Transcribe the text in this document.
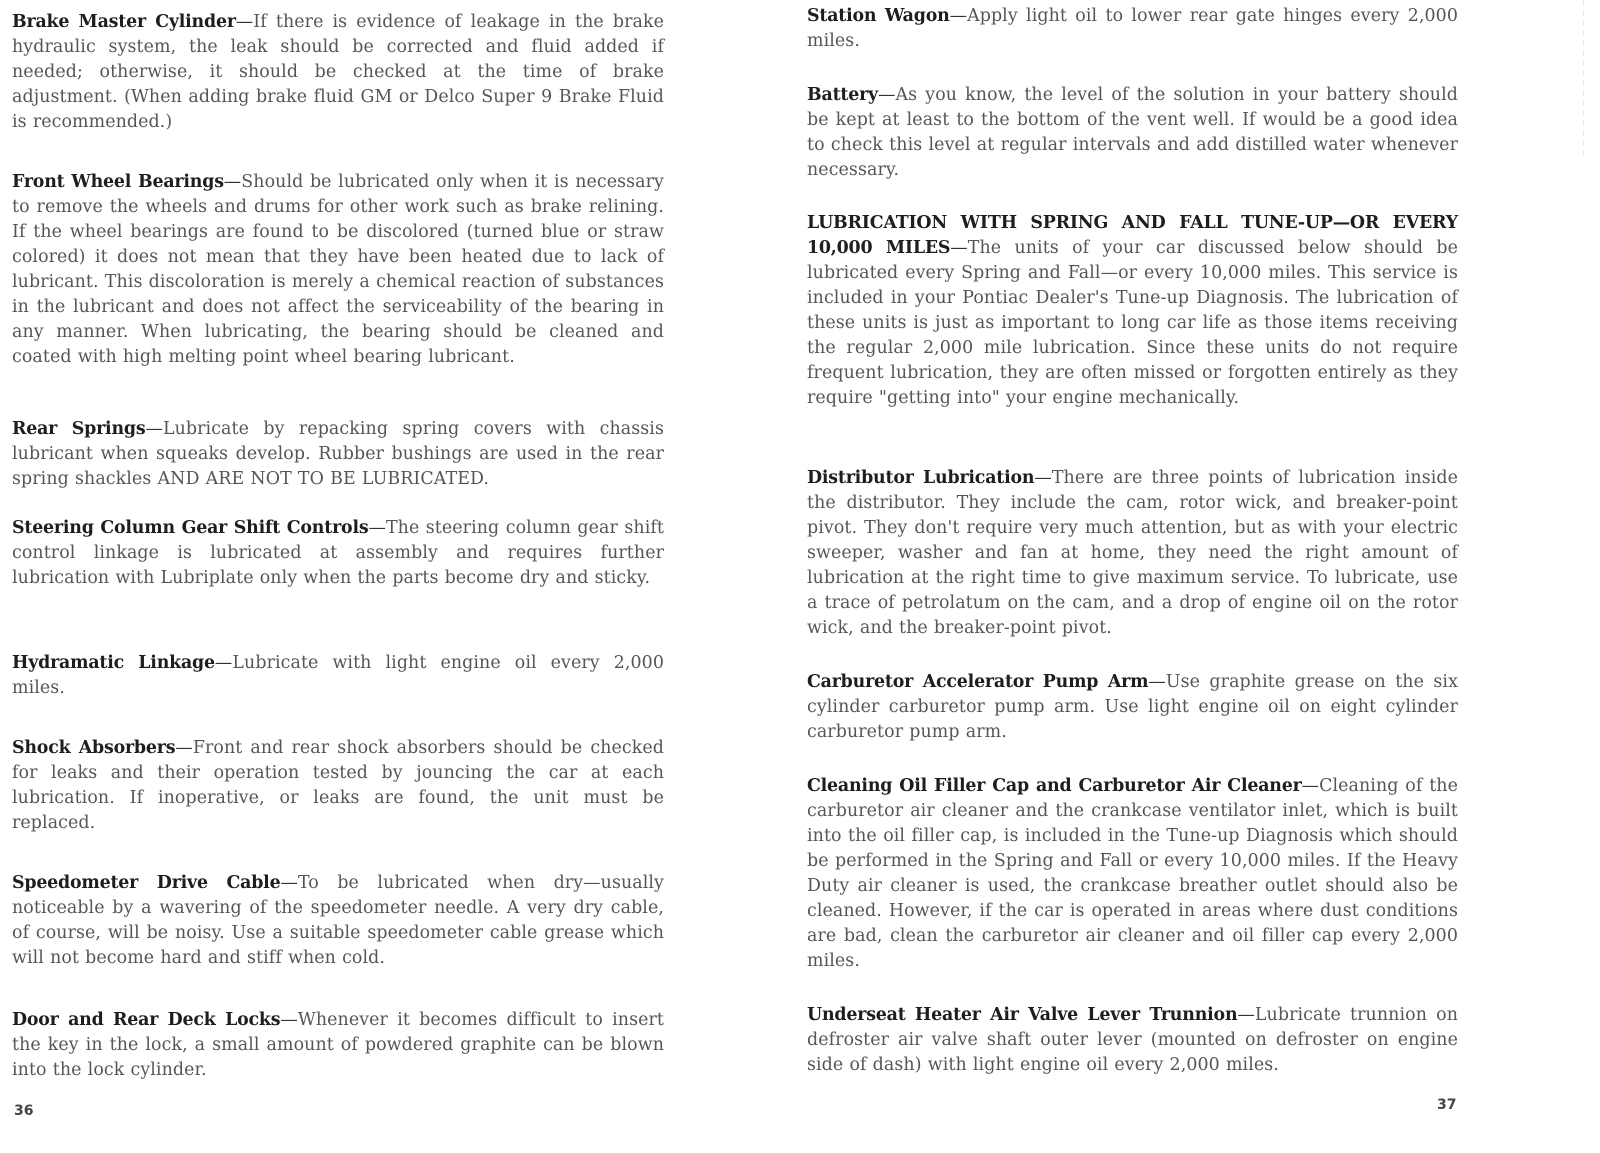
Brake Master Cylinder—If there is evidence of leakage in the brake hydraulic system, the leak should be corrected and fluid added if needed; otherwise, it should be checked at the time of brake adjustment. (When adding brake fluid GM or Delco Super 9 Brake Fluid is recommended.)

Front Wheel Bearings—Should be lubricated only when it is necessary to remove the wheels and drums for other work such as brake relining. If the wheel bearings are found to be discolored (turned blue or straw colored) it does not mean that they have been heated due to lack of lubricant. This discoloration is merely a chemical reaction of substances in the lubricant and does not affect the serviceability of the bearing in any manner. When lubricating, the bearing should be cleaned and coated with high melting point wheel bearing lubricant.

Rear Springs—Lubricate by repacking spring covers with chassis lubricant when squeaks develop. Rubber bushings are used in the rear spring shackles AND ARE NOT TO BE LUBRICATED.

Steering Column Gear Shift Controls—The steering column gear shift control linkage is lubricated at assembly and requires further lubrication with Lubriplate only when the parts become dry and sticky.

Hydramatic Linkage—Lubricate with light engine oil every 2,000 miles.

Shock Absorbers—Front and rear shock absorbers should be checked for leaks and their operation tested by jouncing the car at each lubrication. If inoperative, or leaks are found, the unit must be replaced.

Speedometer Drive Cable—To be lubricated when dry—usually noticeable by a wavering of the speedometer needle. A very dry cable, of course, will be noisy. Use a suitable speedometer cable grease which will not become hard and stiff when cold.

Door and Rear Deck Locks—Whenever it becomes difficult to insert the key in the lock, a small amount of powdered graphite can be blown into the lock cylinder.

36

Station Wagon—Apply light oil to lower rear gate hinges every 2,000 miles.

Battery—As you know, the level of the solution in your battery should be kept at least to the bottom of the vent well. If would be a good idea to check this level at regular intervals and add distilled water whenever necessary.

LUBRICATION WITH SPRING AND FALL TUNE-UP—OR EVERY 10,000 MILES—The units of your car discussed below should be lubricated every Spring and Fall—or every 10,000 miles. This service is included in your Pontiac Dealer's Tune-up Diagnosis. The lubrication of these units is just as important to long car life as those items receiving the regular 2,000 mile lubrication. Since these units do not require frequent lubrication, they are often missed or forgotten entirely as they require "getting into" your engine mechanically.

Distributor Lubrication—There are three points of lubrication inside the distributor. They include the cam, rotor wick, and breaker-point pivot. They don't require very much attention, but as with your electric sweeper, washer and fan at home, they need the right amount of lubrication at the right time to give maximum service. To lubricate, use a trace of petrolatum on the cam, and a drop of engine oil on the rotor wick, and the breaker-point pivot.

Carburetor Accelerator Pump Arm—Use graphite grease on the six cylinder carburetor pump arm. Use light engine oil on eight cylinder carburetor pump arm.

Cleaning Oil Filler Cap and Carburetor Air Cleaner—Cleaning of the carburetor air cleaner and the crankcase ventilator inlet, which is built into the oil filler cap, is included in the Tune-up Diagnosis which should be performed in the Spring and Fall or every 10,000 miles. If the Heavy Duty air cleaner is used, the crankcase breather outlet should also be cleaned. However, if the car is operated in areas where dust conditions are bad, clean the carburetor air cleaner and oil filler cap every 2,000 miles.

Underseat Heater Air Valve Lever Trunnion—Lubricate trunnion on defroster air valve shaft outer lever (mounted on defroster on engine side of dash) with light engine oil every 2,000 miles.

37
